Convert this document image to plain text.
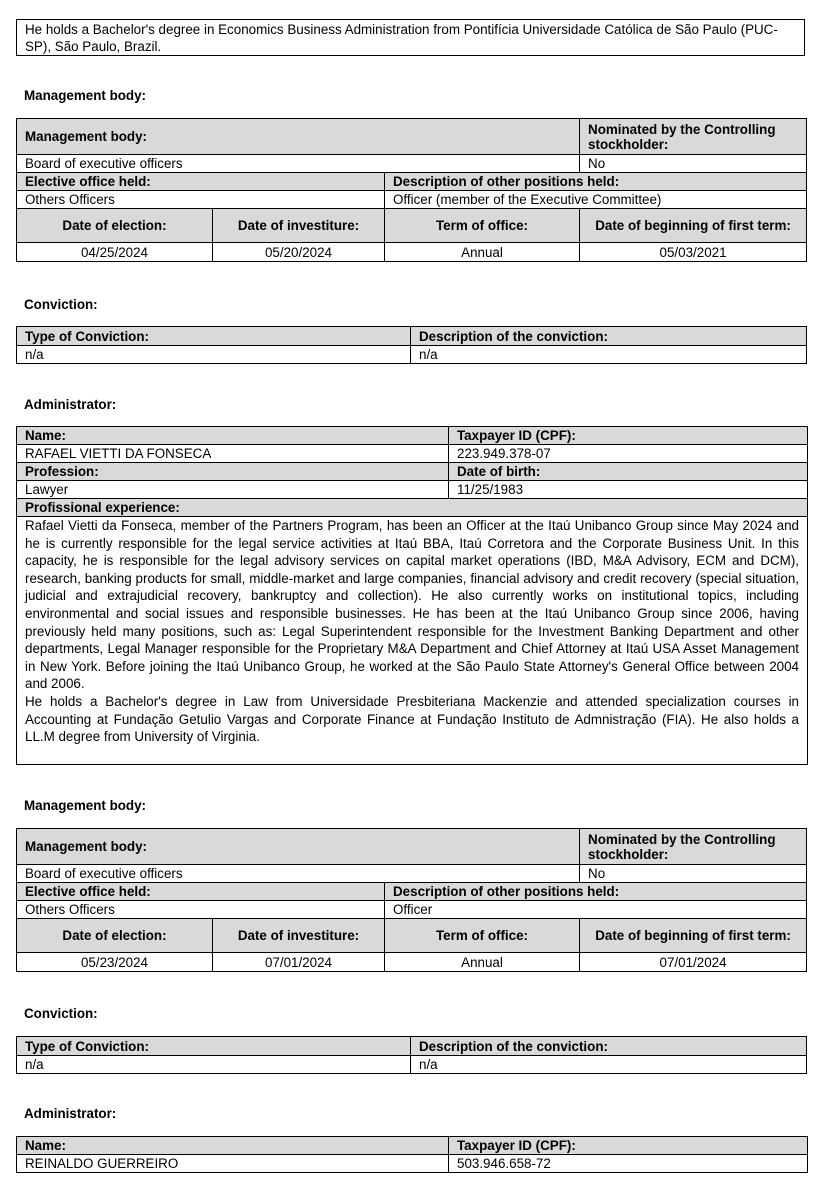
He holds a Bachelor's degree in Economics Business Administration from Pontifícia Universidade Católica de São Paulo (PUC-SP), São Paulo, Brazil.
Management body:
Management body:			Nominated by the Controlling stockholder:
Board of executive officers			No
Elective office held:		Description of other positions held:	
Others Officers		Officer (member of the Executive Committee)	
Date of election:	Date of investiture:	Term of office:	Date of beginning of first term:
04/25/2024	05/20/2024	Annual	05/03/2021
Conviction:
Type of Conviction:	Description of the conviction:
n/a	n/a
Administrator:
Name:	Taxpayer ID (CPF):
RAFAEL VIETTI DA FONSECA	223.949.378-07
Profession:	Date of birth:
Lawyer	11/25/1983
Profissional experience:	

Rafael Vietti da Fonseca, member of the Partners Program, has been an Officer at the Itaú Unibanco Group since May 2024 and he is currently responsible for the legal service activities at Itaú BBA, Itaú Corretora and the Corporate Business Unit. In this capacity, he is responsible for the legal advisory services on capital market operations (IBD, M&A Advisory, ECM and DCM), research, banking products for small, middle-market and large companies, financial advisory and credit recovery (special situation, judicial and extrajudicial recovery, bankruptcy and collection). He also currently works on institutional topics, including environmental and social issues and responsible businesses. He has been at the Itaú Unibanco Group since 2006, having previously held many positions, such as: Legal Superintendent responsible for the Investment Banking Department and other departments, Legal Manager responsible for the Proprietary M&A Department and Chief Attorney at Itaú USA Asset Management in New York. Before joining the Itaú Unibanco Group, he worked at the São Paulo State Attorney's General Office between 2004 and 2006.

He holds a Bachelor's degree in Law from Universidade Presbiteriana Mackenzie and attended specialization courses in Accounting at Fundação Getulio Vargas and Corporate Finance at Fundação Instituto de Admnistração (FIA). He also holds a LL.M degree from University of Virginia.	

Management body:
Management body:			Nominated by the Controlling stockholder:
Board of executive officers			No
Elective office held:		Description of other positions held:	
Others Officers		Officer	
Date of election:	Date of investiture:	Term of office:	Date of beginning of first term:
05/23/2024	07/01/2024	Annual	07/01/2024
Conviction:
Type of Conviction:	Description of the conviction:
n/a	n/a
Administrator:
Name:	Taxpayer ID (CPF):
REINALDO GUERREIRO	503.946.658-72
